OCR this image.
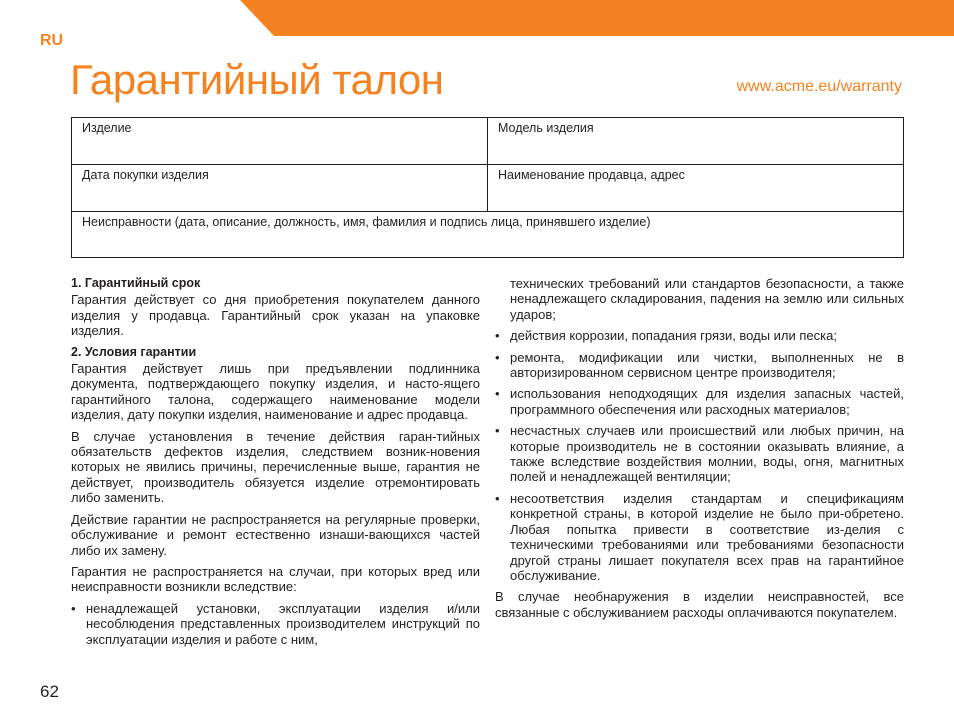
RU
Гарантийный талон	www.acme.eu/warranty
Изделие	Модель изделия
Дата покупки изделия	Наименование продавца, адрес
Неисправности (дата, описание, должность, имя, фамилия и подпись лица, принявшего изделие)	
1. Гарантийный срок

Гарантия действует со дня приобретения покупателем данного изделия у продавца. Гарантийный срок указан на упаковке изделия.

2. Условия гарантии

Гарантия действует лишь при предъявлении подлинника документа, подтверждающего покупку изделия, и насто-ящего гарантийного талона, содержащего наименование модели изделия, дату покупки изделия, наименование и адрес продавца.

В случае установления в течение действия гаран-тийных обязательств дефектов изделия, следствием возник-новения которых не явились причины, перечисленные выше, гарантия не действует, производитель обязуется изделие отремонтировать либо заменить.

Действие гарантии не распространяется на регулярные проверки, обслуживание и ремонт естественно изнаши-вающихся частей либо их замену.

Гарантия не распространяется на случаи, при которых вред или неисправности возникли вследствие:

• ненадлежащей установки, эксплуатации изделия и/или несоблюдения представленных производителем инструкций по эксплуатации изделия и работе с ним,
технических требований или стандартов безопасности, а также ненадлежащего складирования, падения на землю или сильных ударов;
• действия коррозии, попадания грязи, воды или песка;
• ремонта, модификации или чистки, выполненных не в авторизированном сервисном центре производителя;
• использования неподходящих для изделия запасных частей, программного обеспечения или расходных материалов;
• несчастных случаев или происшествий или любых причин, на которые производитель не в состоянии оказывать влияние, а также вследствие воздействия молнии, воды, огня, магнитных полей и ненадлежащей вентиляции;
• несоответствия изделия стандартам и спецификациям конкретной страны, в которой изделие не было при-обретено. Любая попытка привести в соответствие из-делия с техническими требованиями или требованиями безопасности другой страны лишает покупателя всех прав на гарантийное обслуживание.

В случае необнаружения в изделии неисправностей, все связанные с обслуживанием расходы оплачиваются покупателем.

62
